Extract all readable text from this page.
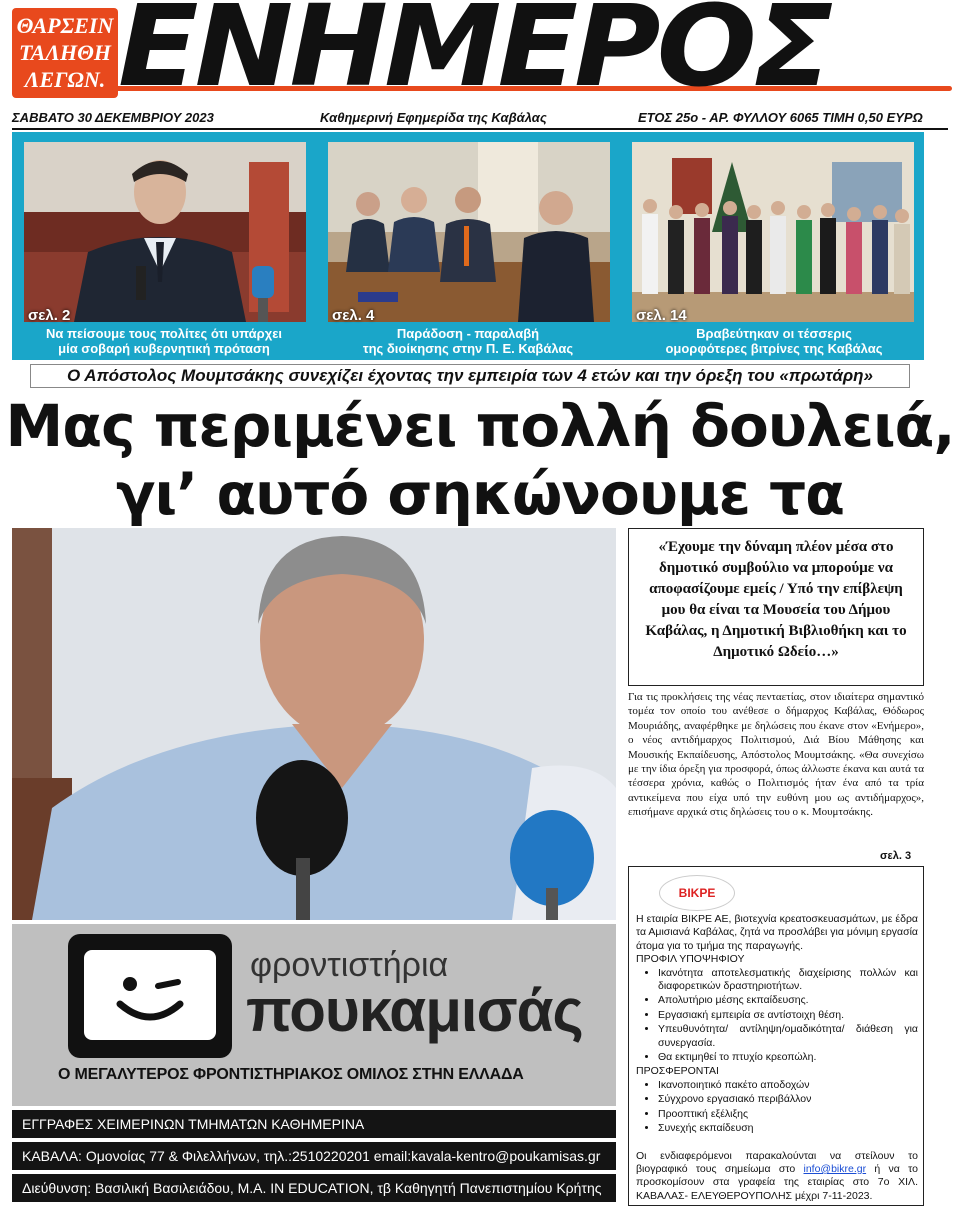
ΘΑΡΣΕΙΝ
ΤΑΛΗΘΗ
ΛΕΓΩΝ. ΕΝΗΜΕΡΟΣ
ΣΑΒΒΑΤΟ 30 ΔΕΚΕΜΒΡΙΟΥ 2023	Καθημερινή Εφημερίδα της Καβάλας	ΕΤΟΣ 25ο - ΑΡ. ΦΥΛΛΟΥ 6065 ΤΙΜΗ 0,50 ΕΥΡΩ
σελ. 2
Να πείσουμε τους πολίτες ότι υπάρχει
μία σοβαρή κυβερνητική πρόταση
σελ. 4
Παράδοση - παραλαβή
της διοίκησης στην Π. Ε. Καβάλας
σελ. 14
Βραβεύτηκαν οι τέσσερις
ομορφότερες βιτρίνες της Καβάλας
Ο Απόστολος Μουμτσάκης συνεχίζει έχοντας την εμπειρία των 4 ετών και την όρεξη του «πρωτάρη»
Μας περιμένει πολλή δουλειά,
γι’ αυτό σηκώνουμε τα
«Έχουμε την δύναμη πλέον μέσα στο δημοτικό συμβούλιο να μπορούμε να αποφασίζουμε εμείς / Υπό την επίβλεψη μου θα είναι τα Μουσεία του Δήμου Καβάλας, η Δημοτική Βιβλιοθήκη και το Δημοτικό Ωδείο…»
Για τις προκλήσεις της νέας πενταετίας, στον ιδιαίτερα σημαντικό τομέα τον οποίο του ανέθεσε ο δήμαρχος Καβάλας, Θόδωρος Μουριάδης, αναφέρθηκε με δηλώσεις που έκανε στον «Ενήμερο», ο νέος αντιδήμαρχος Πολιτισμού, Διά Βίου Μάθησης και Μουσικής Εκπαίδευσης, Απόστολος Μουμτσάκης. «Θα συνεχίσω με την ίδια όρεξη για προσφορά, όπως άλλωστε έκανα και αυτά τα τέσσερα χρόνια, καθώς ο Πολιτισμός ήταν ένα από τα τρία αντικείμενα που είχα υπό την ευθύνη μου ως αντιδήμαρχος», επισήμανε αρχικά στις δηλώσεις του ο κ. Μουμτσάκης.
σελ. 3
φροντιστήρια
πουκαμισάς
Ο ΜΕΓΑΛΥΤΕΡΟΣ ΦΡΟΝΤΙΣΤΗΡΙΑΚΟΣ ΟΜΙΛΟΣ ΣΤΗΝ ΕΛΛΑΔΑ
ΕΓΓΡΑΦΕΣ ΧΕΙΜΕΡΙΝΩΝ ΤΜΗΜΑΤΩΝ ΚΑΘΗΜΕΡΙΝΑ
ΚΑΒΑΛΑ: Ομονοίας 77 & Φιλελλήνων, τηλ.:2510220201 email:kavala-kentro@poukamisas.gr
Διεύθυνση: Βασιλική Βασιλειάδου, Μ.Α. IN EDUCATION, τβ Καθηγητή Πανεπιστημίου Κρήτης
ΒΙΚΡΕ

Η εταιρία ΒΙΚΡΕ ΑΕ, βιοτεχνία κρεατοσκευασμάτων, με έδρα τα Αμισιανά Καβάλας, ζητά να προσλάβει για μόνιμη εργασία άτομα για το τμήμα της παραγωγής.

ΠΡΟΦΙΛ ΥΠΟΨΗΦΙΟΥ

• Ικανότητα αποτελεσματικής διαχείρισης πολλών και διαφορετικών δραστηριοτήτων.
• Απολυτήριο μέσης εκπαίδευσης.
• Εργασιακή εμπειρία σε αντίστοιχη θέση.
• Υπευθυνότητα/ αντίληψη/ομαδικότητα/ διάθεση για συνεργασία.
• Θα εκτιμηθεί το πτυχίο κρεοπώλη.

ΠΡΟΣΦΕΡΟΝΤΑΙ

• Ικανοποιητικό πακέτο αποδοχών
• Σύγχρονο εργασιακό περιβάλλον
• Προοπτική εξέλιξης
• Συνεχής εκπαίδευση

Οι ενδιαφερόμενοι παρακαλούνται να στείλουν το βιογραφικό τους σημείωμα στο info@bikre.gr ή να το προσκομίσουν στα γραφεία της εταιρίας στο 7ο ΧΙΛ. ΚΑΒΑΛΑΣ- ΕΛΕΥΘΕΡΟΥΠΟΛΗΣ μέχρι 7-11-2023.
